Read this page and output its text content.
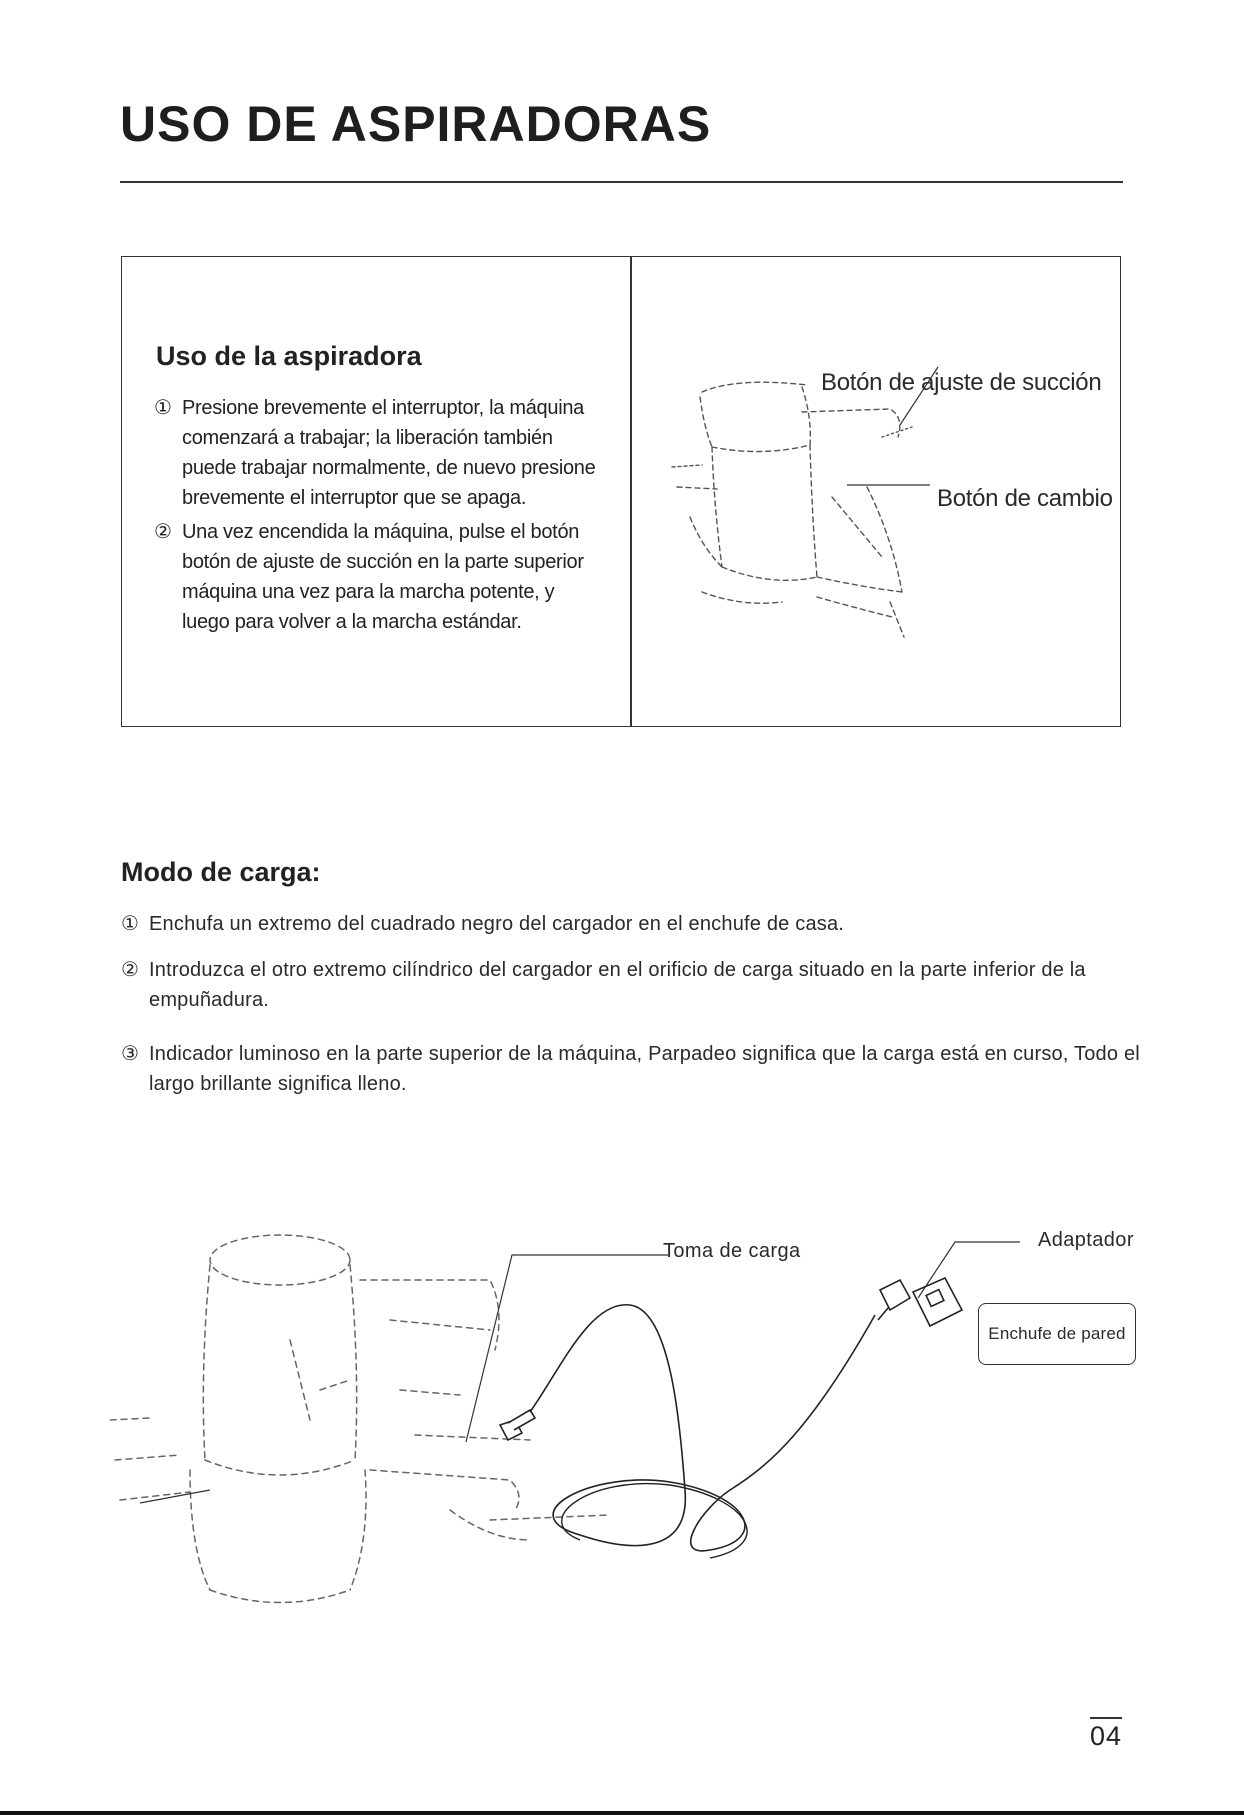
USO DE ASPIRADORAS
Uso de la aspiradora
① Presione brevemente el interruptor, la máquina comenzará a trabajar; la liberación también puede trabajar normalmente, de nuevo presione brevemente el interruptor que se apaga.
② Una vez encendida la máquina, pulse el botón botón de ajuste de succión en la parte superior máquina una vez para la marcha potente, y luego para volver a la marcha estándar.
Botón de ajuste de succión
Botón de cambio
Modo de carga:
① Enchufa un extremo del cuadrado negro del cargador en el enchufe de casa.
② Introduzca el otro extremo cilíndrico del cargador en el orificio de carga situado en la parte inferior de la empuñadura.
③ Indicador luminoso en la parte superior de la máquina, Parpadeo significa que la carga está en curso, Todo el largo brillante significa lleno.
Toma de carga	Adaptador
Enchufe de pared
04
